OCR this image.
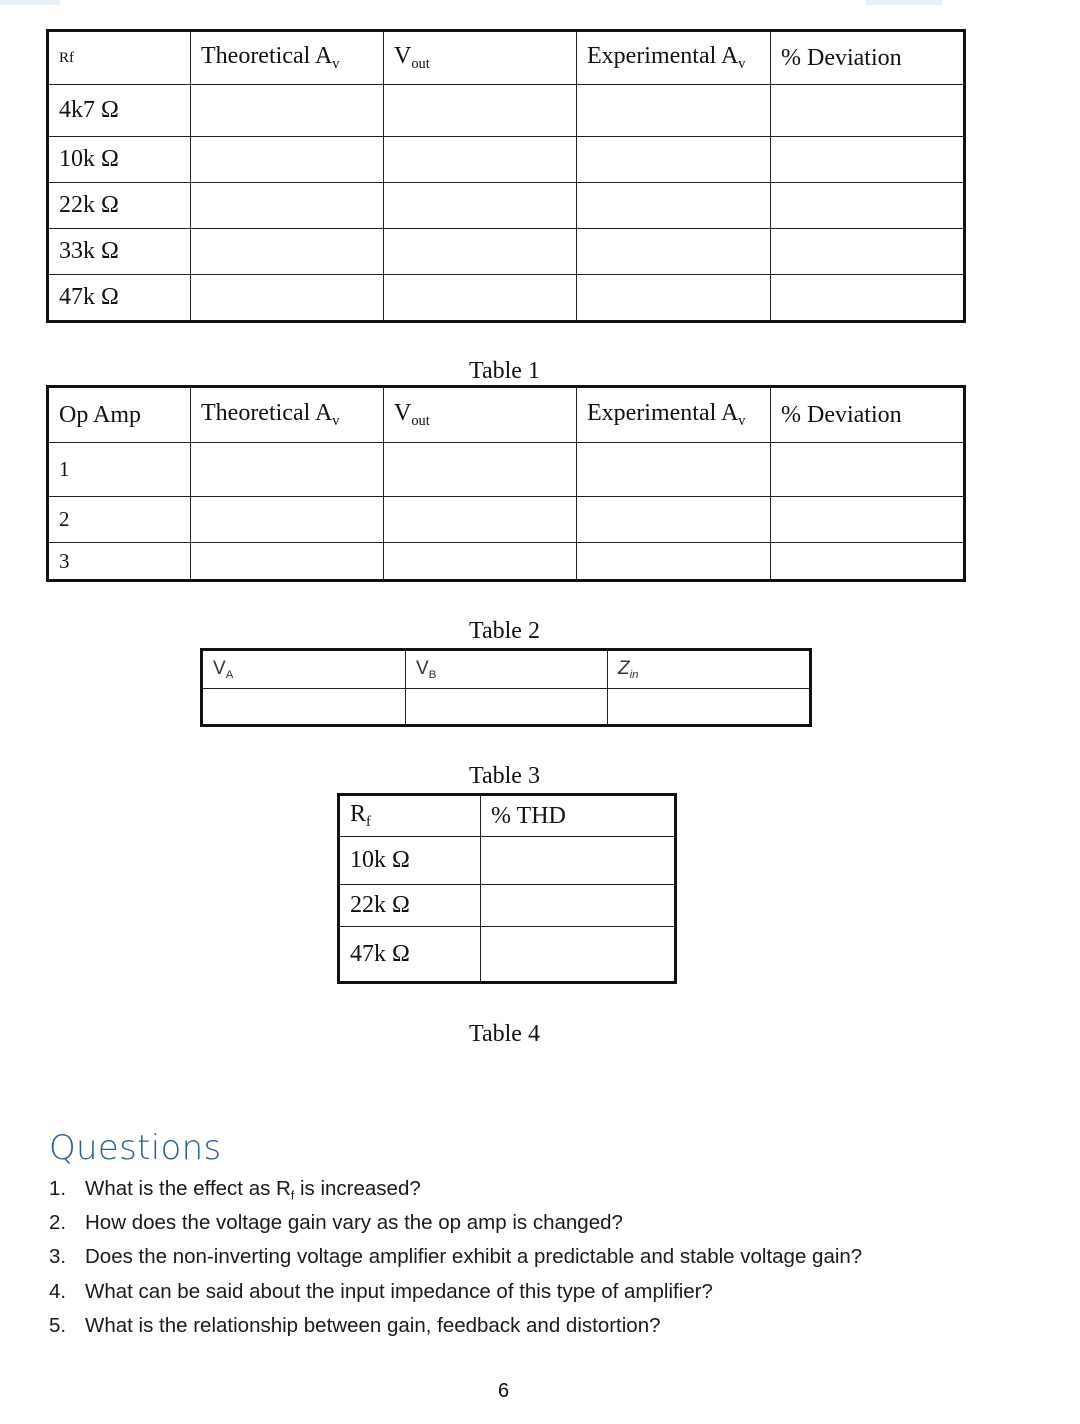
Rf	Theoretical $A_v$	$V_{out}$	Experimental $A_v$	% Deviation
4k7 Ω				
10k Ω				
22k Ω				
33k Ω				
47k Ω				
Table 1
Op Amp	Theoretical $A_v$	$V_{out}$	Experimental $A_v$	% Deviation
1				
2				
3				
Table 2
$V_A$	$V_B$	$Z_{in}$

Table 3
$R_f$	% THD
10k Ω	
22k Ω	
47k Ω	
Table 4
Questions
1. What is the effect as $R_f$ is increased?
2. How does the voltage gain vary as the op amp is changed?
3. Does the non-inverting voltage amplifier exhibit a predictable and stable voltage gain?
4. What can be said about the input impedance of this type of amplifier?
5. What is the relationship between gain, feedback and distortion?
6
